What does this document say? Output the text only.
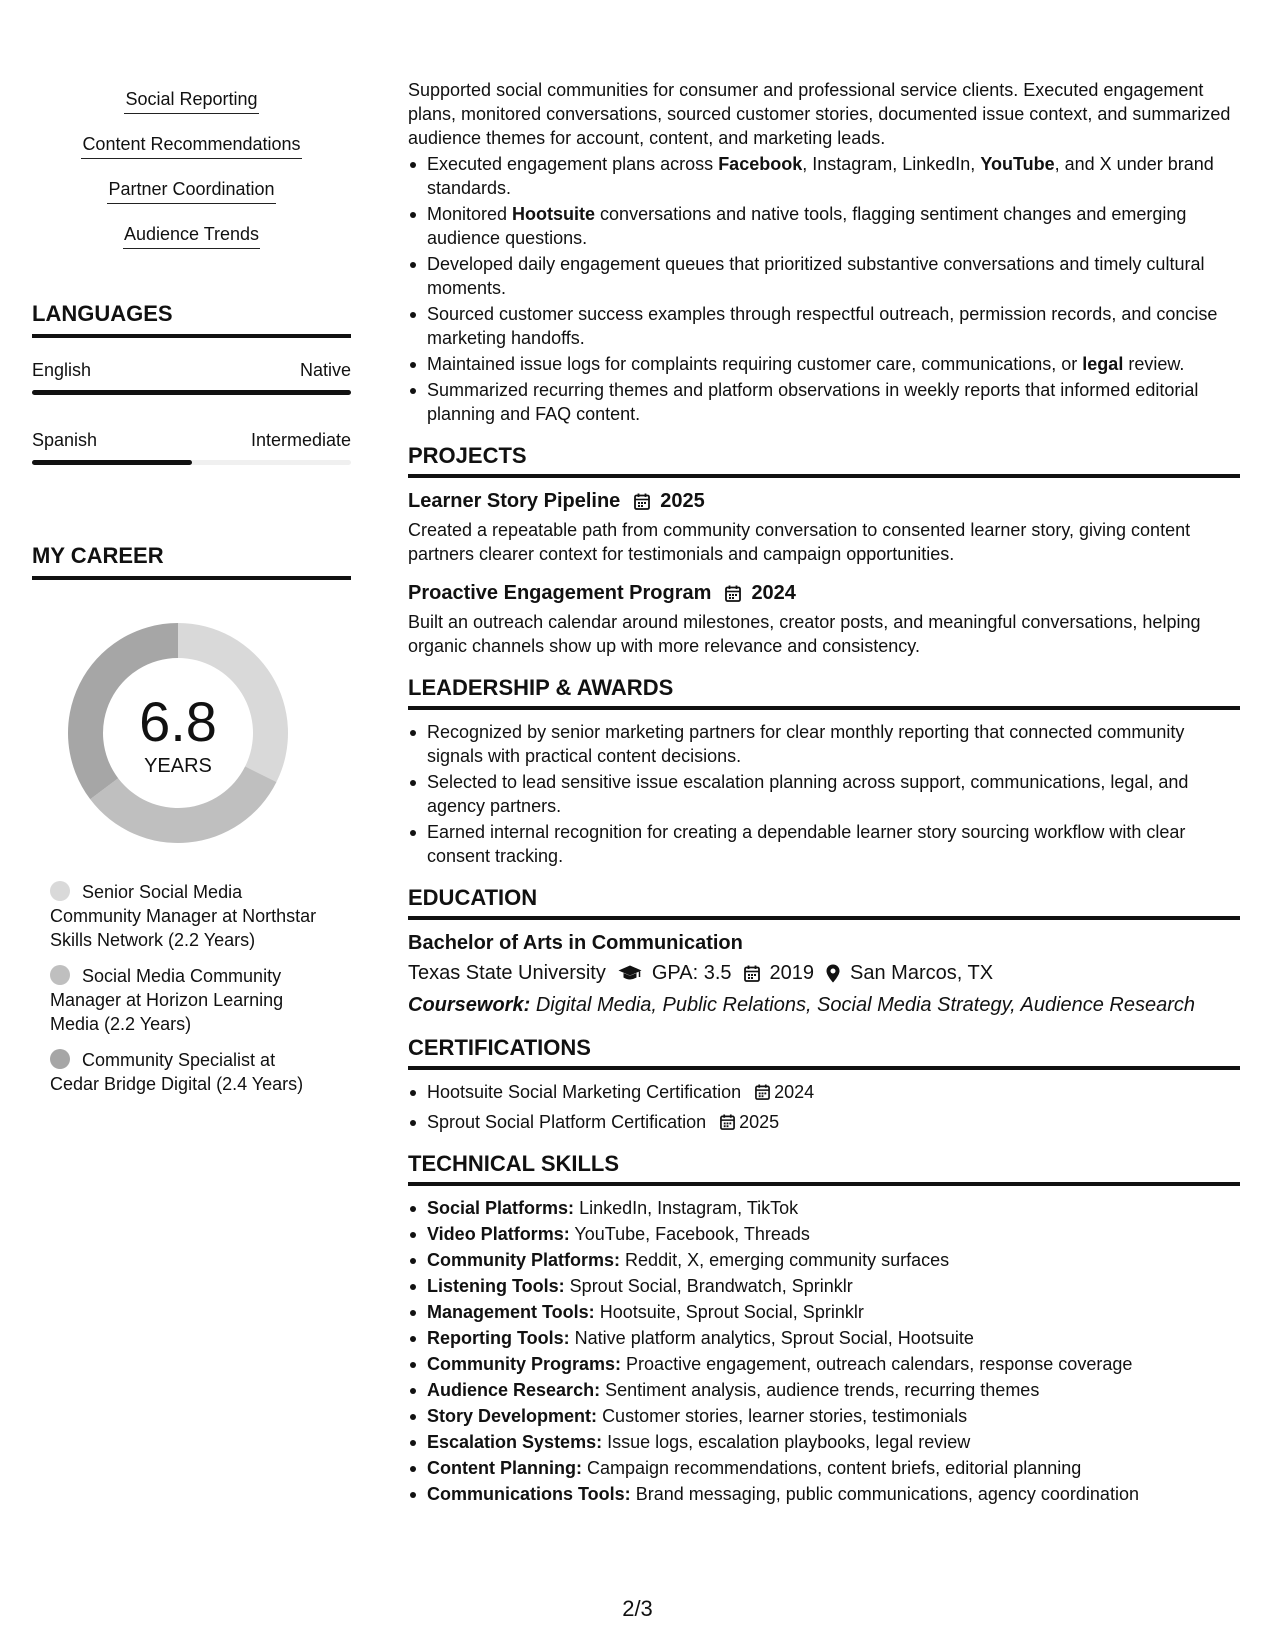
Social Reporting
Content Recommendations
Partner Coordination
Audience Trends
LANGUAGES
English	Native
Spanish	Intermediate
MY CAREER
6.8
YEARS
Senior Social Media Community Manager at Northstar Skills Network (2.2 Years)
Social Media Community Manager at Horizon Learning Media (2.2 Years)
Community Specialist at Cedar Bridge Digital (2.4 Years)

Supported social communities for consumer and professional service clients. Executed engagement plans, monitored conversations, sourced customer stories, documented issue context, and summarized audience themes for account, content, and marketing leads.

Executed engagement plans across Facebook, Instagram, LinkedIn, YouTube, and X under brand standards.
Monitored Hootsuite conversations and native tools, flagging sentiment changes and emerging audience questions.
Developed daily engagement queues that prioritized substantive conversations and timely cultural moments.
Sourced customer success examples through respectful outreach, permission records, and concise marketing handoffs.
Maintained issue logs for complaints requiring customer care, communications, or legal review.
Summarized recurring themes and platform observations in weekly reports that informed editorial planning and FAQ content.
PROJECTS
Learner Story Pipeline 2025

Created a repeatable path from community conversation to consented learner story, giving content partners clearer context for testimonials and campaign opportunities.

Proactive Engagement Program 2024

Built an outreach calendar around milestones, creator posts, and meaningful conversations, helping organic channels show up with more relevance and consistency.

LEADERSHIP & AWARDS
Recognized by senior marketing partners for clear monthly reporting that connected community signals with practical content decisions.
Selected to lead sensitive issue escalation planning across support, communications, legal, and agency partners.
Earned internal recognition for creating a dependable learner story sourcing workflow with clear consent tracking.
EDUCATION
Bachelor of Arts in Communication
Texas State University GPA: 3.5 2019 San Marcos, TX
Coursework: Digital Media, Public Relations, Social Media Strategy, Audience Research
CERTIFICATIONS
Hootsuite Social Marketing Certification 2024
Sprout Social Platform Certification 2025
TECHNICAL SKILLS
Social Platforms: LinkedIn, Instagram, TikTok
Video Platforms: YouTube, Facebook, Threads
Community Platforms: Reddit, X, emerging community surfaces
Listening Tools: Sprout Social, Brandwatch, Sprinklr
Management Tools: Hootsuite, Sprout Social, Sprinklr
Reporting Tools: Native platform analytics, Sprout Social, Hootsuite
Community Programs: Proactive engagement, outreach calendars, response coverage
Audience Research: Sentiment analysis, audience trends, recurring themes
Story Development: Customer stories, learner stories, testimonials
Escalation Systems: Issue logs, escalation playbooks, legal review
Content Planning: Campaign recommendations, content briefs, editorial planning
Communications Tools: Brand messaging, public communications, agency coordination
2/3
